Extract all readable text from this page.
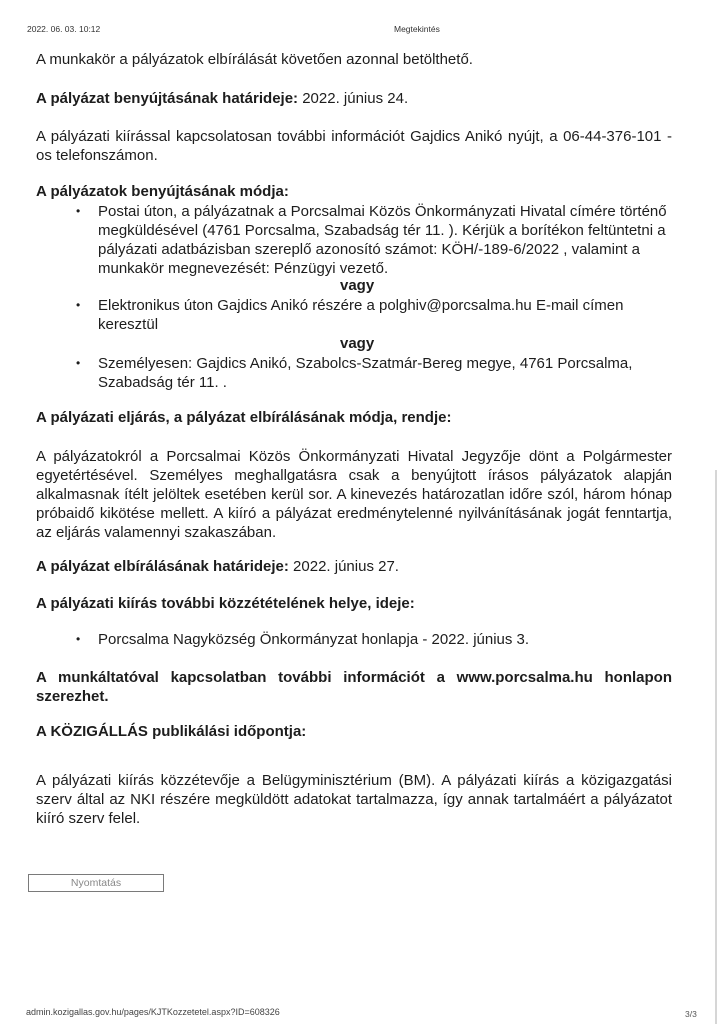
2022. 06. 03. 10:12	Megtekintés
A munkakör a pályázatok elbírálását követően azonnal betölthető.
A pályázat benyújtásának határideje: 2022. június 24.
A pályázati kiírással kapcsolatosan további információt Gajdics Anikó nyújt, a 06-44-376-101 -os telefonszámon.
A pályázatok benyújtásának módja:
• Postai úton, a pályázatnak a Porcsalmai Közös Önkormányzati Hivatal címére történő megküldésével (4761 Porcsalma, Szabadság tér 11. ). Kérjük a borítékon feltüntetni a pályázati adatbázisban szereplő azonosító számot: KÖH/-189-6/2022 , valamint a munkakör megnevezését: Pénzügyi vezető.
vagy
• Elektronikus úton Gajdics Anikó részére a polghiv@porcsalma.hu E-mail címen keresztül
vagy
• Személyesen: Gajdics Anikó, Szabolcs-Szatmár-Bereg megye, 4761 Porcsalma, Szabadság tér 11. .
A pályázati eljárás, a pályázat elbírálásának módja, rendje:
A pályázatokról a Porcsalmai Közös Önkormányzati Hivatal Jegyzője dönt a Polgármester egyetértésével. Személyes meghallgatásra csak a benyújtott írásos pályázatok alapján alkalmasnak ítélt jelöltek esetében kerül sor. A kinevezés határozatlan időre szól, három hónap próbaidő kikötése mellett. A kiíró a pályázat eredménytelenné nyilvánításának jogát fenntartja, az eljárás valamennyi szakaszában.
A pályázat elbírálásának határideje: 2022. június 27.
A pályázati kiírás további közzétételének helye, ideje:
• Porcsalma Nagyközség Önkormányzat honlapja - 2022. június 3.
A munkáltatóval kapcsolatban további információt a www.porcsalma.hu honlapon szerezhet.
A KÖZIGÁLLÁS publikálási időpontja:
A pályázati kiírás közzétevője a Belügyminisztérium (BM). A pályázati kiírás a közigazgatási szerv által az NKI részére megküldött adatokat tartalmazza, így annak tartalmáért a pályázatot kiíró szerv felel.
Nyomtatás
admin.kozigallas.gov.hu/pages/KJTKozzetetel.aspx?ID=608326	3/3
